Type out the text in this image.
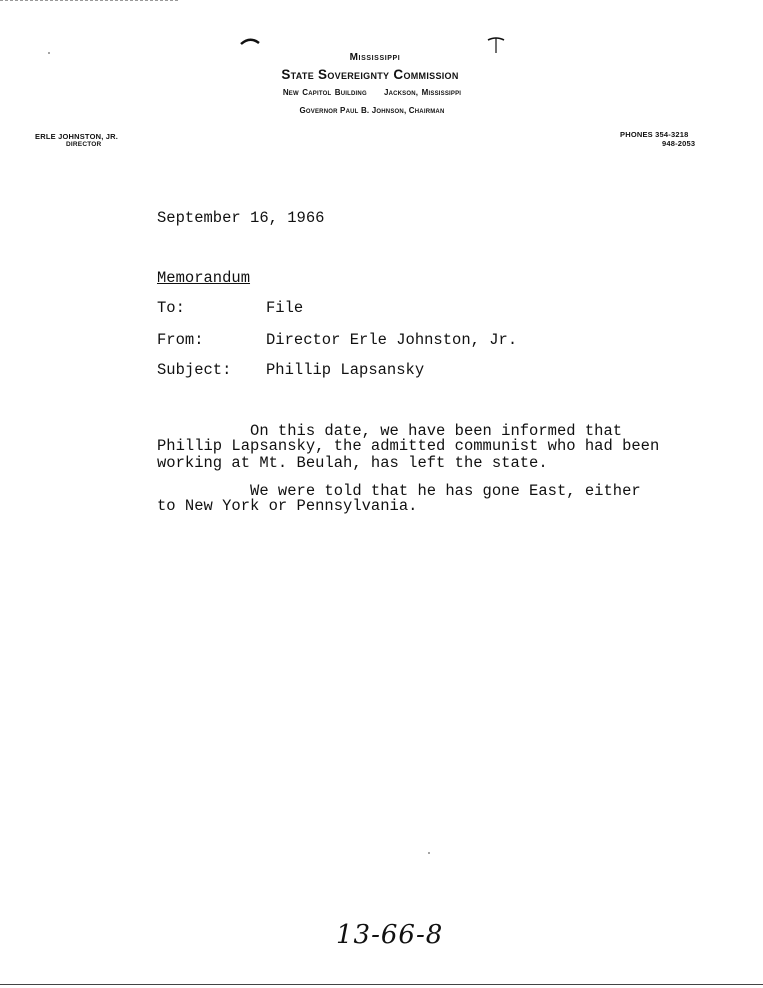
Mississippi
State Sovereignty Commission
New Capitol Building Jackson, Mississippi
Governor Paul B. Johnson, Chairman
ERLE JOHNSTON, JR.
DIRECTOR
PHONES 354-3218
948-2053
September 16, 1966
Memorandum
To:	File
From:	Director Erle Johnston, Jr.
Subject: Phillip Lapsansky
On this date, we have been informed that
Phillip Lapsansky, the admitted communist who had been
working at Mt. Beulah, has left the state.
We were told that he has gone East, either
to New York or Pennsylvania.
13-66-8
